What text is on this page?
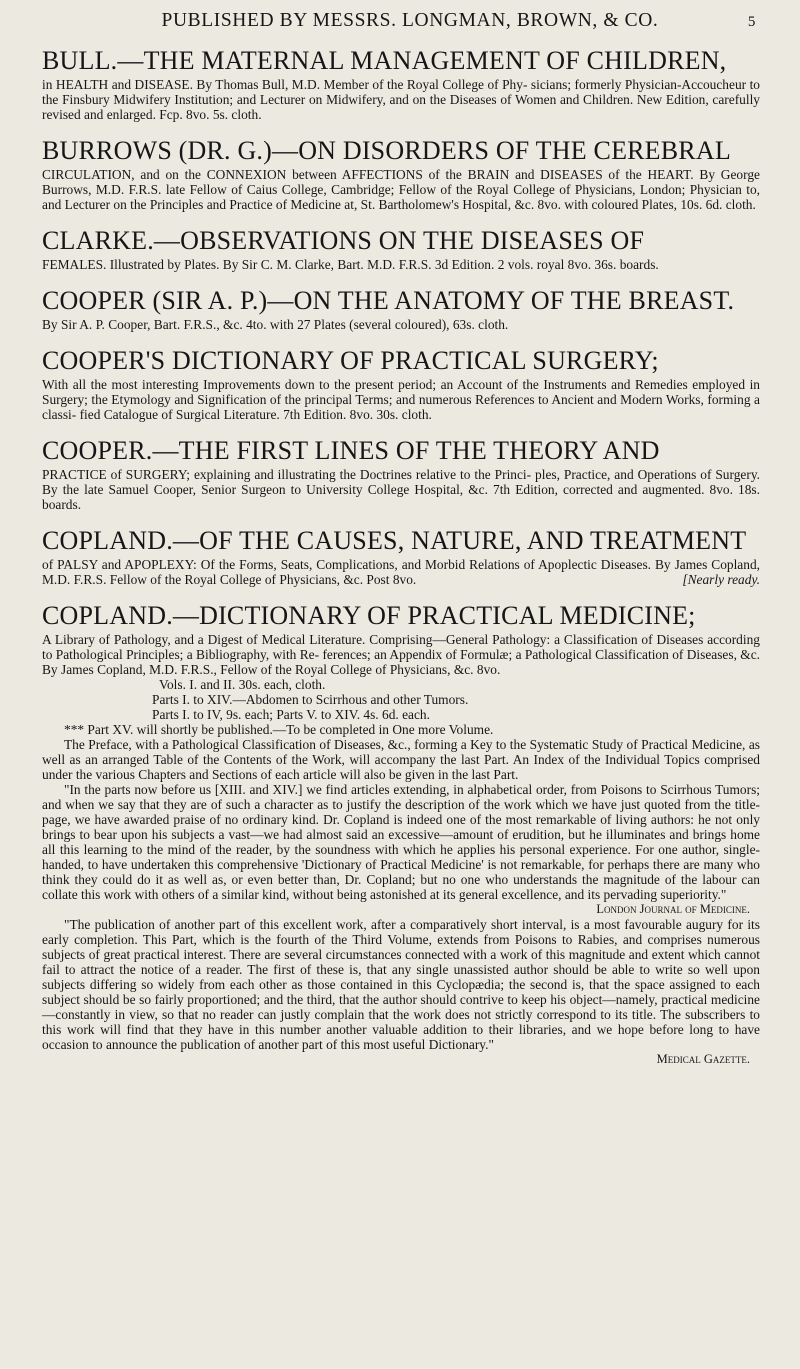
PUBLISHED BY MESSRS. LONGMAN, BROWN, & CO.	5
BULL.—THE MATERNAL MANAGEMENT OF CHILDREN,

in HEALTH and DISEASE. By Thomas Bull, M.D. Member of the Royal College of Phy- sicians; formerly Physician-Accoucheur to the Finsbury Midwifery Institution; and Lecturer on Midwifery, and on the Diseases of Women and Children. New Edition, carefully revised and enlarged. Fcp. 8vo. 5s. cloth.

BURROWS (DR. G.)—ON DISORDERS OF THE CEREBRAL

CIRCULATION, and on the CONNEXION between AFFECTIONS of the BRAIN and DISEASES of the HEART. By George Burrows, M.D. F.R.S. late Fellow of Caius College, Cambridge; Fellow of the Royal College of Physicians, London; Physician to, and Lecturer on the Principles and Practice of Medicine at, St. Bartholomew's Hospital, &c. 8vo. with coloured Plates, 10s. 6d. cloth.

CLARKE.—OBSERVATIONS ON THE DISEASES OF

FEMALES. Illustrated by Plates. By Sir C. M. Clarke, Bart. M.D. F.R.S. 3d Edition. 2 vols. royal 8vo. 36s. boards.

COOPER (SIR A. P.)—ON THE ANATOMY OF THE BREAST.

By Sir A. P. Cooper, Bart. F.R.S., &c. 4to. with 27 Plates (several coloured), 63s. cloth.

COOPER'S DICTIONARY OF PRACTICAL SURGERY;

With all the most interesting Improvements down to the present period; an Account of the Instruments and Remedies employed in Surgery; the Etymology and Signification of the principal Terms; and numerous References to Ancient and Modern Works, forming a classi- fied Catalogue of Surgical Literature. 7th Edition. 8vo. 30s. cloth.

COOPER.—THE FIRST LINES OF THE THEORY AND

PRACTICE of SURGERY; explaining and illustrating the Doctrines relative to the Princi- ples, Practice, and Operations of Surgery. By the late Samuel Cooper, Senior Surgeon to University College Hospital, &c. 7th Edition, corrected and augmented. 8vo. 18s. boards.

COPLAND.—OF THE CAUSES, NATURE, AND TREATMENT

of PALSY and APOPLEXY: Of the Forms, Seats, Complications, and Morbid Relations of Apoplectic Diseases. By James Copland, M.D. F.R.S. Fellow of the Royal College of Physicians, &c. Post 8vo.	[Nearly ready.

COPLAND.—DICTIONARY OF PRACTICAL MEDICINE;

A Library of Pathology, and a Digest of Medical Literature. Comprising—General Pathology: a Classification of Diseases according to Pathological Principles; a Bibliography, with Re- ferences; an Appendix of Formulæ; a Pathological Classification of Diseases, &c. By James Copland, M.D. F.R.S., Fellow of the Royal College of Physicians, &c. 8vo.

Vols. I. and II. 30s. each, cloth.

Parts I. to XIV.—Abdomen to Scirrhous and other Tumors.

Parts I. to IV, 9s. each; Parts V. to XIV. 4s. 6d. each.

*** Part XV. will shortly be published.—To be completed in One more Volume.

The Preface, with a Pathological Classification of Diseases, &c., forming a Key to the Systematic Study of Practical Medicine, as well as an arranged Table of the Contents of the Work, will accompany the last Part. An Index of the Individual Topics comprised under the various Chapters and Sections of each article will also be given in the last Part.

"In the parts now before us [XIII. and XIV.] we find articles extending, in alphabetical order, from Poisons to Scirrhous Tumors; and when we say that they are of such a character as to justify the description of the work which we have just quoted from the title-page, we have awarded praise of no ordinary kind. Dr. Copland is indeed one of the most remarkable of living authors: he not only brings to bear upon his subjects a vast—we had almost said an excessive—amount of erudition, but he illuminates and brings home all this learning to the mind of the reader, by the soundness with which he applies his personal experience. For one author, single-handed, to have undertaken this comprehensive 'Dictionary of Practical Medicine' is not remarkable, for perhaps there are many who think they could do it as well as, or even better than, Dr. Copland; but no one who understands the magnitude of the labour can collate this work with others of a similar kind, without being astonished at its general excellence, and its pervading superiority."

London Journal of Medicine.

"The publication of another part of this excellent work, after a comparatively short interval, is a most favourable augury for its early completion. This Part, which is the fourth of the Third Volume, extends from Poisons to Rabies, and comprises numerous subjects of great practical interest. There are several circumstances connected with a work of this magnitude and extent which cannot fail to attract the notice of a reader. The first of these is, that any single unassisted author should be able to write so well upon subjects differing so widely from each other as those contained in this Cyclopædia; the second is, that the space assigned to each subject should be so fairly proportioned; and the third, that the author should contrive to keep his object—namely, practical medicine—constantly in view, so that no reader can justly complain that the work does not strictly correspond to its title. The subscribers to this work will find that they have in this number another valuable addition to their libraries, and we hope before long to have occasion to announce the publication of another part of this most useful Dictionary."

Medical Gazette.
